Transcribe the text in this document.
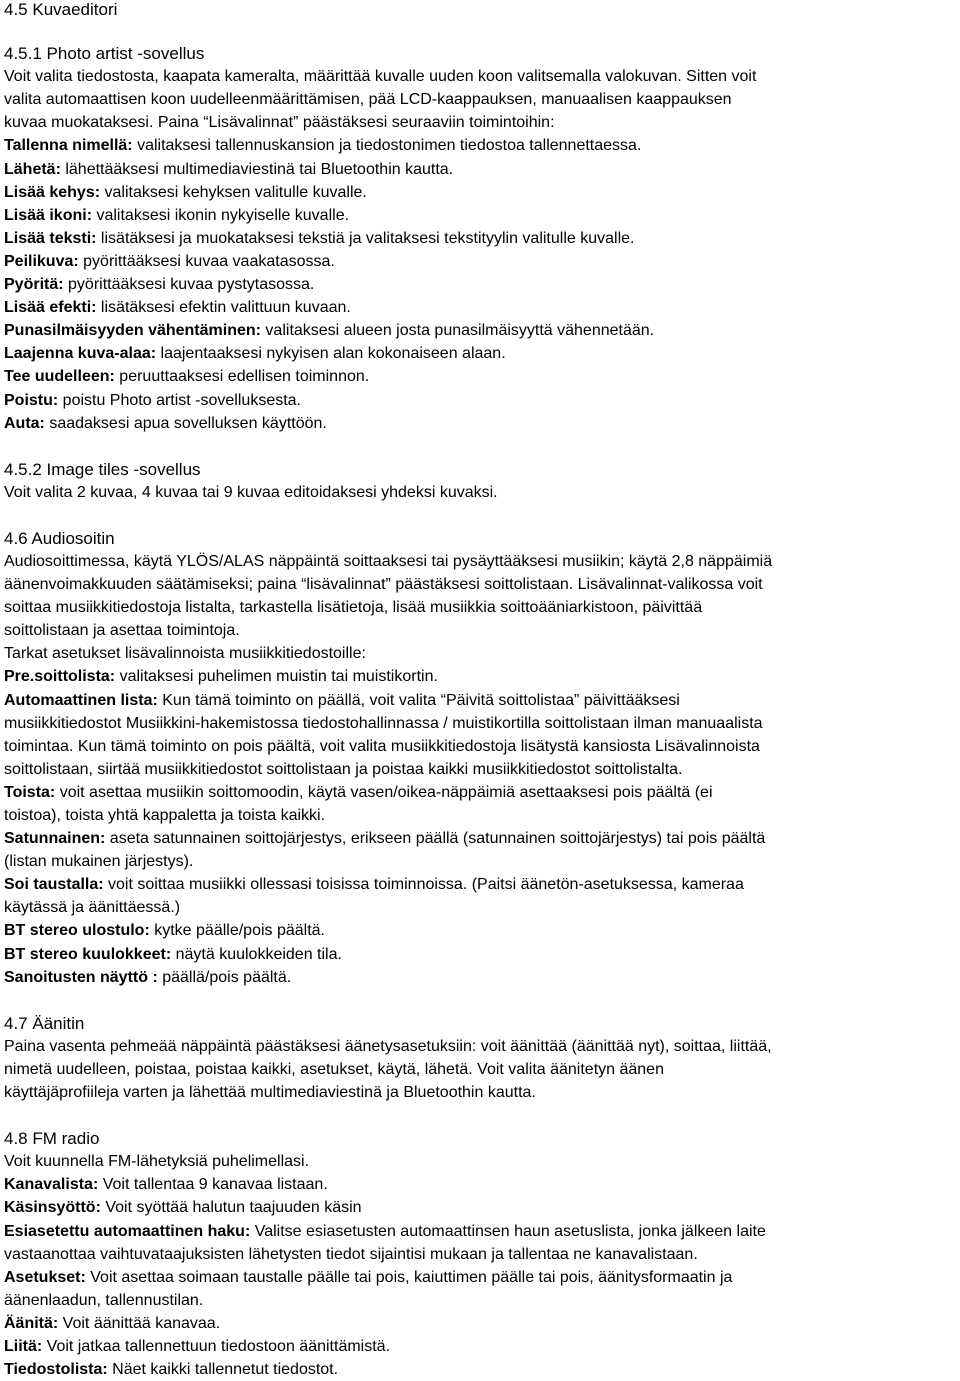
4.5 Kuvaeditori
4.5.1 Photo artist -sovellus
Voit valita tiedostosta, kaapata kameralta, määrittää kuvalle uuden koon valitsemalla valokuvan. Sitten voit
valita automaattisen koon uudelleenmäärittämisen, pää LCD-kaappauksen, manuaalisen kaappauksen
kuvaa muokataksesi. Paina “Lisävalinnat” päästäksesi seuraaviin toimintoihin:
Tallenna nimellä: valitaksesi tallennuskansion ja tiedostonimen tiedostoa tallennettaessa.
Lähetä: lähettääksesi multimediaviestinä tai Bluetoothin kautta.
Lisää kehys: valitaksesi kehyksen valitulle kuvalle.
Lisää ikoni: valitaksesi ikonin nykyiselle kuvalle.
Lisää teksti: lisätäksesi ja muokataksesi tekstiä ja valitaksesi tekstityylin valitulle kuvalle.
Peilikuva: pyörittääksesi kuvaa vaakatasossa.
Pyöritä: pyörittääksesi kuvaa pystytasossa.
Lisää efekti: lisätäksesi efektin valittuun kuvaan.
Punasilmäisyyden vähentäminen: valitaksesi alueen josta punasilmäisyyttä vähennetään.
Laajenna kuva-alaa: laajentaaksesi nykyisen alan kokonaiseen alaan.
Tee uudelleen: peruuttaaksesi edellisen toiminnon.
Poistu: poistu Photo artist -sovelluksesta.
Auta: saadaksesi apua sovelluksen käyttöön.
4.5.2 Image tiles -sovellus
Voit valita 2 kuvaa, 4 kuvaa tai 9 kuvaa editoidaksesi yhdeksi kuvaksi.
4.6 Audiosoitin
Audiosoittimessa, käytä YLÖS/ALAS näppäintä soittaaksesi tai pysäyttääksesi musiikin; käytä 2,8 näppäimiä
äänenvoimakkuuden säätämiseksi; paina “lisävalinnat” päästäksesi soittolistaan. Lisävalinnat-valikossa voit
soittaa musiikkitiedostoja listalta, tarkastella lisätietoja, lisää musiikkia soittoääniarkistoon, päivittää
soittolistaan ja asettaa toimintoja.
Tarkat asetukset lisävalinnoista musiikkitiedostoille:
Pre.soittolista: valitaksesi puhelimen muistin tai muistikortin.
Automaattinen lista: Kun tämä toiminto on päällä, voit valita “Päivitä soittolistaa” päivittääksesi
musiikkitiedostot Musiikkini-hakemistossa tiedostohallinnassa / muistikortilla soittolistaan ilman manuaalista
toimintaa. Kun tämä toiminto on pois päältä, voit valita musiikkitiedostoja lisätystä kansiosta Lisävalinnoista
soittolistaan, siirtää musiikkitiedostot soittolistaan ja poistaa kaikki musiikkitiedostot soittolistalta.
Toista: voit asettaa musiikin soittomoodin, käytä vasen/oikea-näppäimiä asettaaksesi pois päältä (ei
toistoa), toista yhtä kappaletta ja toista kaikki.
Satunnainen: aseta satunnainen soittojärjestys, erikseen päällä (satunnainen soittojärjestys) tai pois päältä
(listan mukainen järjestys).
Soi taustalla: voit soittaa musiikki ollessasi toisissa toiminnoissa. (Paitsi äänetön-asetuksessa, kameraa
käytässä ja äänittäessä.)
BT stereo ulostulo: kytke päälle/pois päältä.
BT stereo kuulokkeet: näytä kuulokkeiden tila.
Sanoitusten näyttö : päällä/pois päältä.
4.7 Äänitin
Paina vasenta pehmeää näppäintä päästäksesi äänetysasetuksiin: voit äänittää (äänittää nyt), soittaa, liittää,
nimetä uudelleen, poistaa, poistaa kaikki, asetukset, käytä, lähetä. Voit valita äänitetyn äänen
käyttäjäprofiileja varten ja lähettää multimediaviestinä ja Bluetoothin kautta.
4.8 FM radio
Voit kuunnella FM-lähetyksiä puhelimellasi.
Kanavalista: Voit tallentaa 9 kanavaa listaan.
Käsinsyöttö: Voit syöttää halutun taajuuden käsin
Esiasetettu automaattinen haku: Valitse esiasetusten automaattinsen haun asetuslista, jonka jälkeen laite
vastaanottaa vaihtuvataajuksisten lähetysten tiedot sijaintisi mukaan ja tallentaa ne kanavalistaan.
Asetukset: Voit asettaa soimaan taustalle päälle tai pois, kaiuttimen päälle tai pois, äänitysformaatin ja
äänenlaadun, tallennustilan.
Äänitä: Voit äänittää kanavaa.
Liitä: Voit jatkaa tallennettuun tiedostoon äänittämistä.
Tiedostolista: Näet kaikki tallennetut tiedostot.
